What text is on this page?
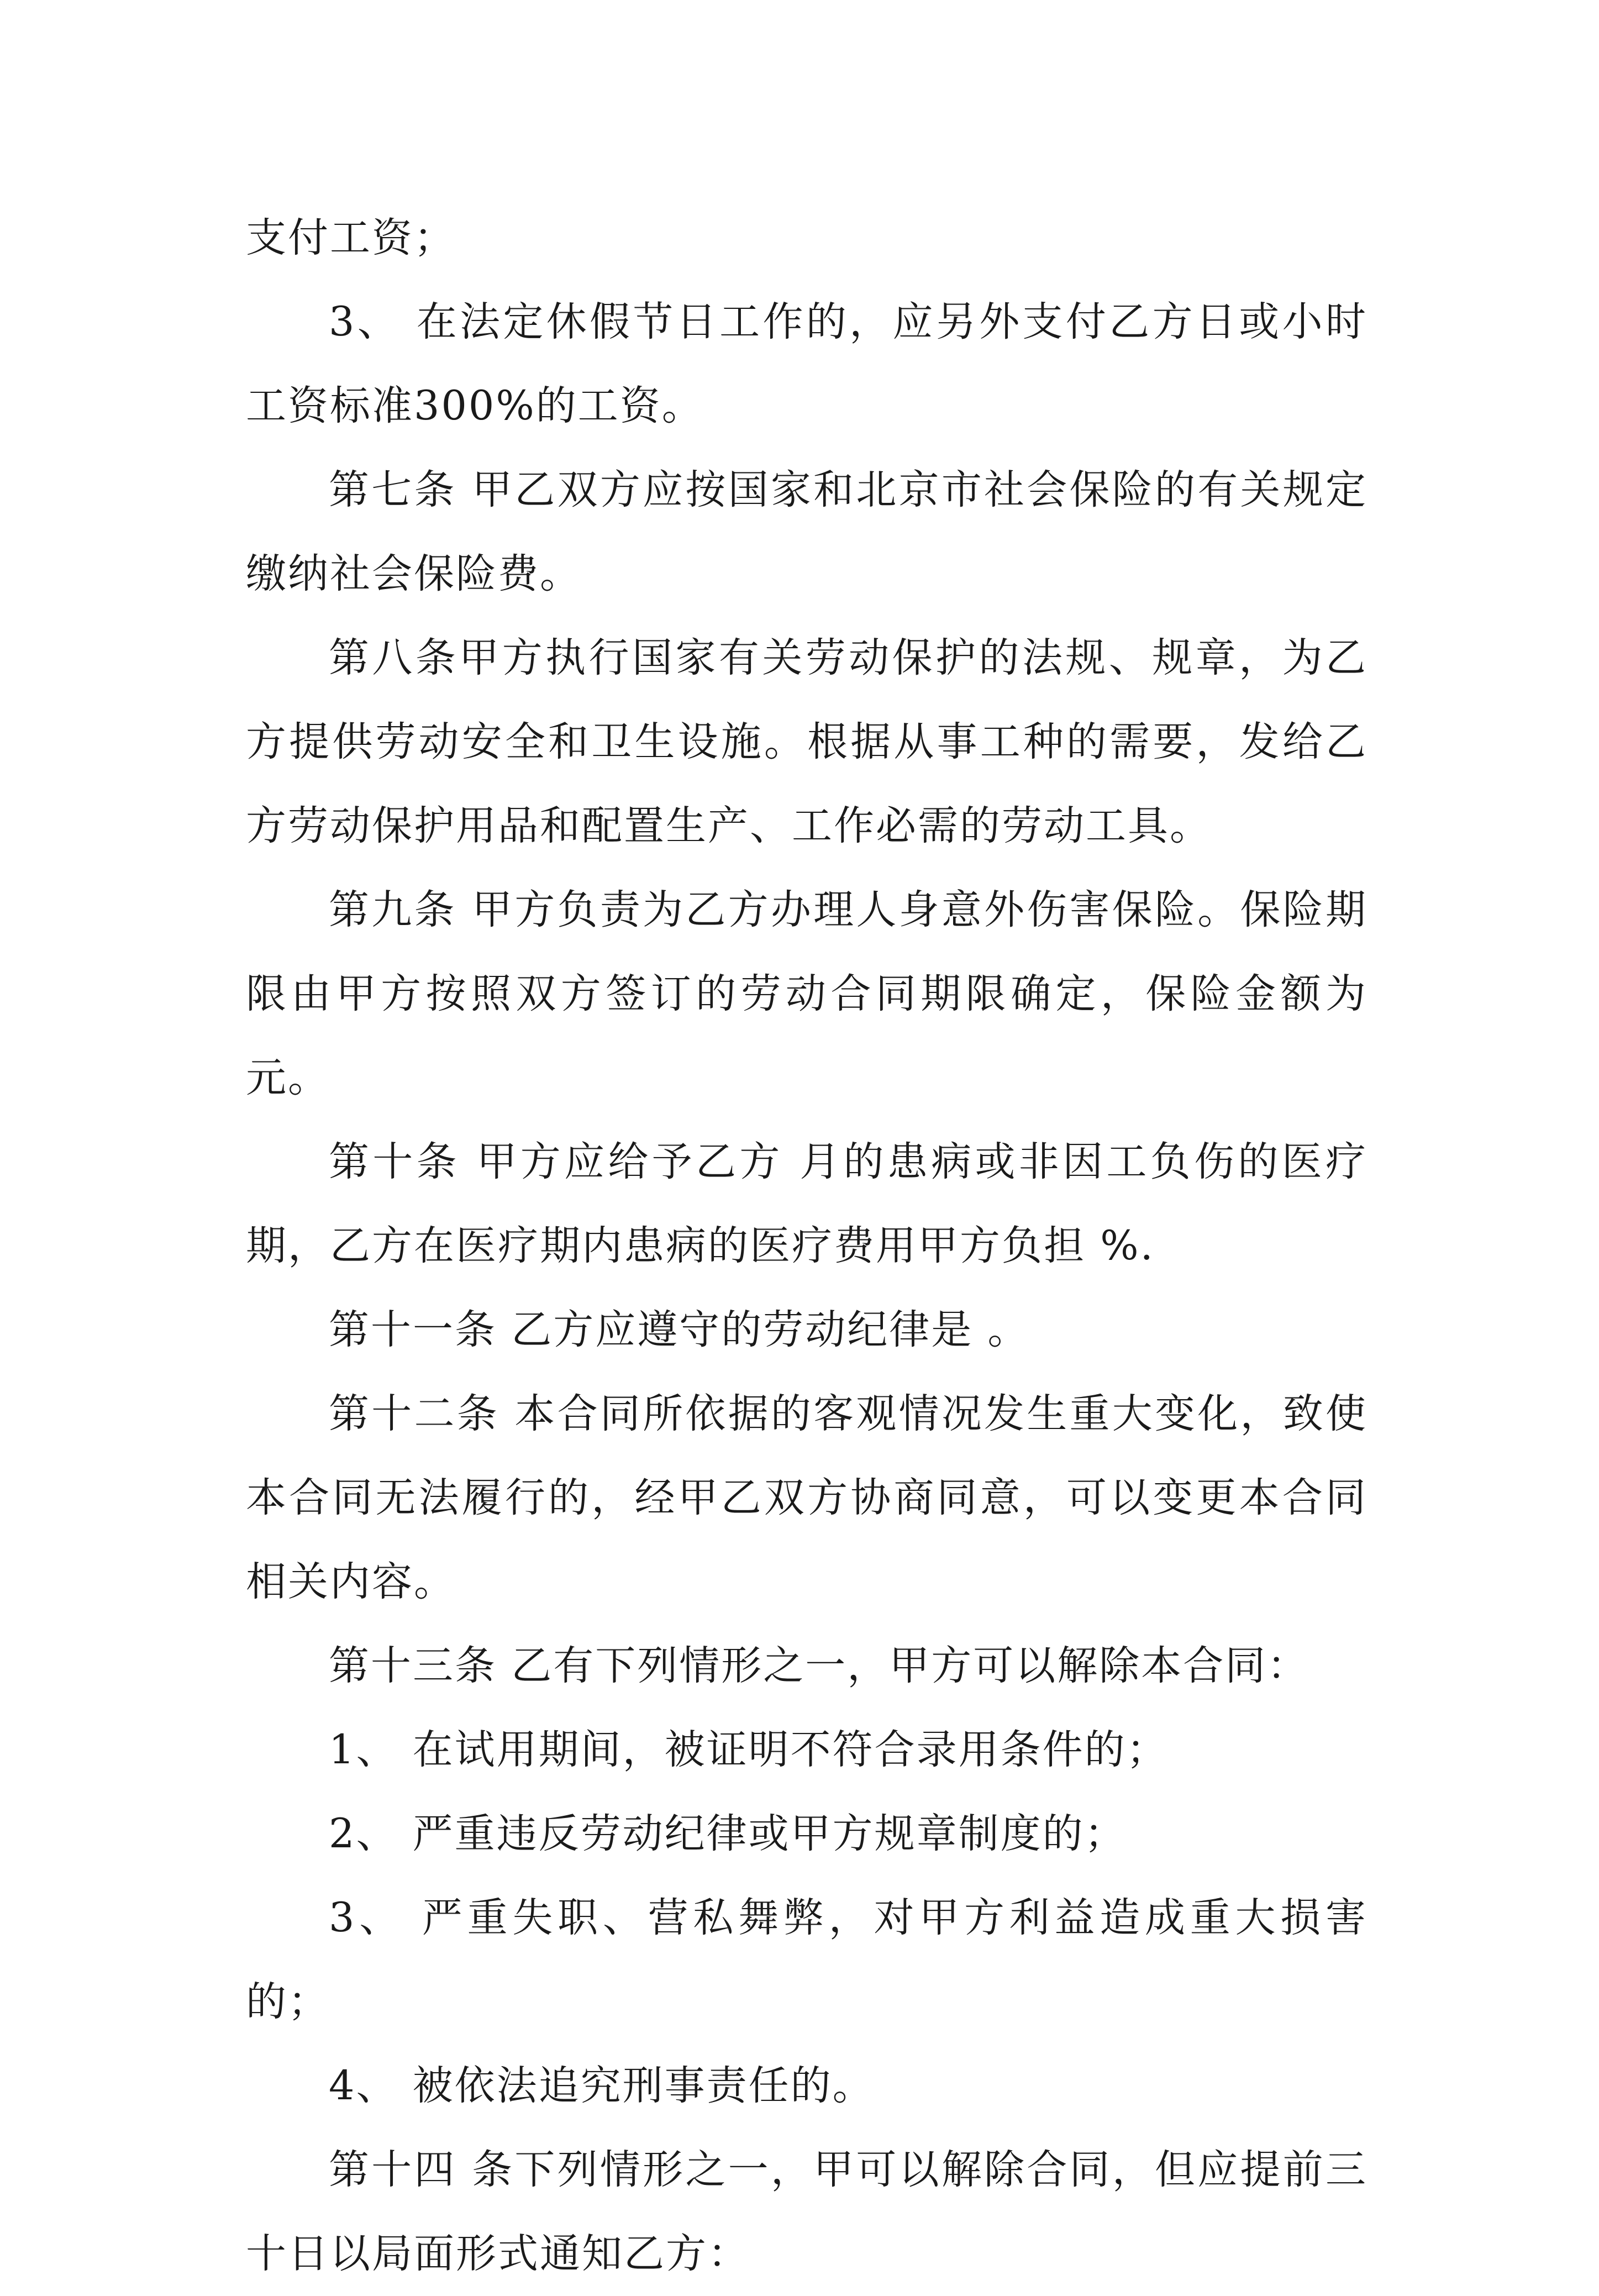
支付工资；

3、 在法定休假节日工作的，应另外支付乙方日或小时工资标准300%的工资。

第七条 甲乙双方应按国家和北京市社会保险的有关规定缴纳社会保险费。

第八条甲方执行国家有关劳动保护的法规、规章，为乙方提供劳动安全和卫生设施。根据从事工种的需要，发给乙方劳动保护用品和配置生产、工作必需的劳动工具。

第九条 甲方负责为乙方办理人身意外伤害保险。保险期限由甲方按照双方签订的劳动合同期限确定，保险金额为元。

第十条 甲方应给予乙方 月的患病或非因工负伤的医疗期，乙方在医疗期内患病的医疗费用甲方负担 %.

第十一条 乙方应遵守的劳动纪律是 。

第十二条 本合同所依据的客观情况发生重大变化，致使本合同无法履行的，经甲乙双方协商同意，可以变更本合同相关内容。

第十三条 乙有下列情形之一，甲方可以解除本合同：

1、 在试用期间，被证明不符合录用条件的；

2、 严重违反劳动纪律或甲方规章制度的；

3、 严重失职、营私舞弊，对甲方利益造成重大损害的；

4、 被依法追究刑事责任的。

第十四 条下列情形之一，甲可以解除合同，但应提前三十日以局面形式通知乙方：
